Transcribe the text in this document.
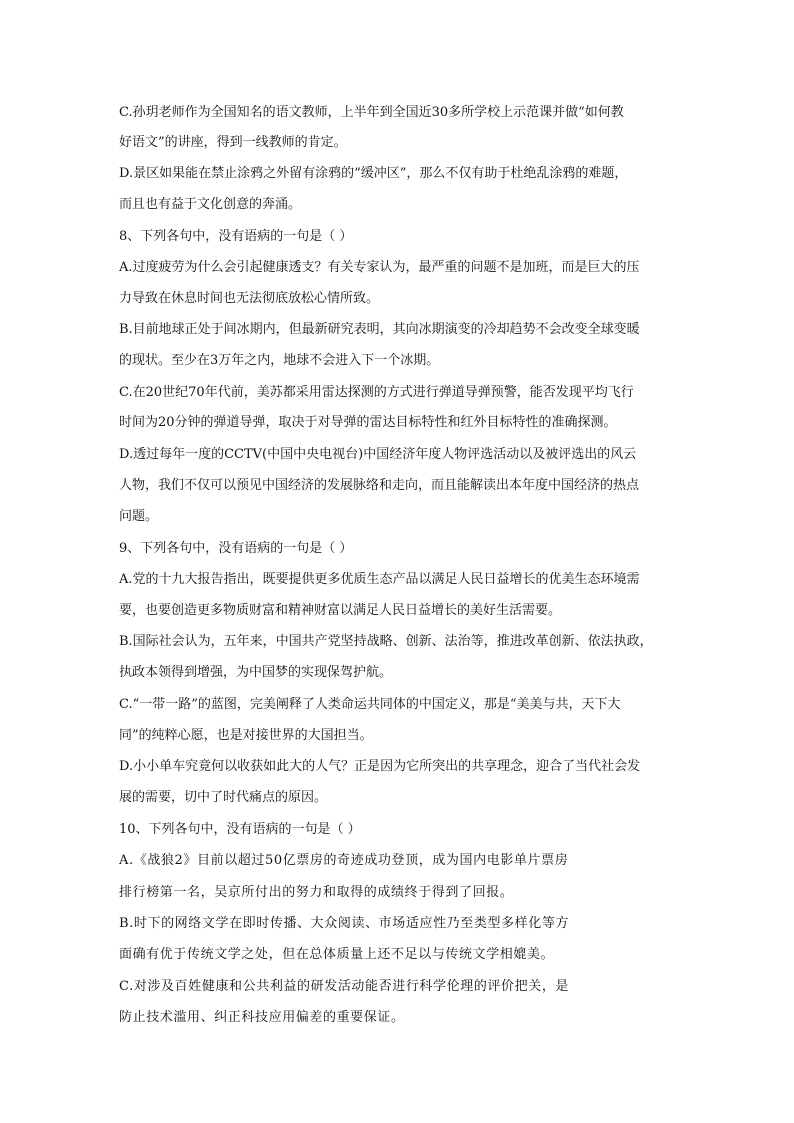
C.孙玥老师作为全国知名的语文教师，上半年到全国近30多所学校上示范课并做“如何教
好语文”的讲座，得到一线教师的肯定。
D.景区如果能在禁止涂鸦之外留有涂鸦的“缓冲区”，那么不仅有助于杜绝乱涂鸦的难题，
而且也有益于文化创意的奔涌。
8、下列各句中，没有语病的一句是（ ）
A.过度疲劳为什么会引起健康透支？有关专家认为，最严重的问题不是加班，而是巨大的压
力导致在休息时间也无法彻底放松心情所致。
B.目前地球正处于间冰期内，但最新研究表明，其向冰期演变的冷却趋势不会改变全球变暖
的现状。至少在3万年之内，地球不会进入下一个冰期。
C.在20世纪70年代前，美苏都采用雷达探测的方式进行弹道导弹预警，能否发现平均飞行
时间为20分钟的弹道导弹，取决于对导弹的雷达目标特性和红外目标特性的准确探测。
D.透过每年一度的CCTV(中国中央电视台)中国经济年度人物评选活动以及被评选出的风云
人物，我们不仅可以预见中国经济的发展脉络和走向，而且能解读出本年度中国经济的热点
问题。
9、下列各句中，没有语病的一句是（ ）
A.党的十九大报告指出，既要提供更多优质生态产品以满足人民日益增长的优美生态环境需
要，也要创造更多物质财富和精神财富以满足人民日益增长的美好生活需要。
B.国际社会认为，五年来，中国共产党坚持战略、创新、法治等，推进改革创新、依法执政，
执政本领得到增强，为中国梦的实现保驾护航。
C.“一带一路”的蓝图，完美阐释了人类命运共同体的中国定义，那是“美美与共，天下大
同”的纯粹心愿，也是对接世界的大国担当。
D.小小单车究竟何以收获如此大的人气？正是因为它所突出的共享理念，迎合了当代社会发
展的需要，切中了时代痛点的原因。
10、下列各句中，没有语病的一句是（ ）
A.《战狼2》目前以超过50亿票房的奇迹成功登顶，成为国内电影单片票房
排行榜第一名，吴京所付出的努力和取得的成绩终于得到了回报。
B.时下的网络文学在即时传播、大众阅读、市场适应性乃至类型多样化等方
面确有优于传统文学之处，但在总体质量上还不足以与传统文学相媲美。
C.对涉及百姓健康和公共利益的研发活动能否进行科学伦理的评价把关，是
防止技术滥用、纠正科技应用偏差的重要保证。
